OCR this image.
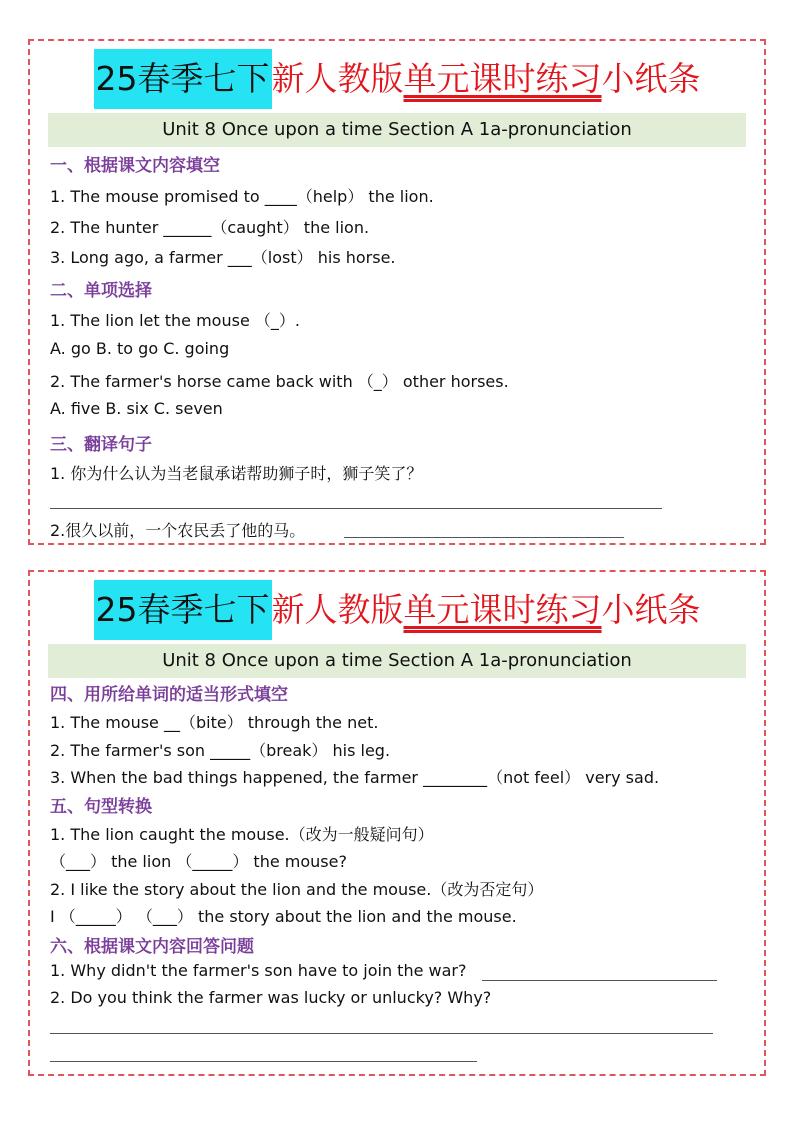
25春季七下新人教版单元课时练习小纸条
Unit 8 Once upon a time Section A 1a-pronunciation
一、根据课文内容填空
1. The mouse promised to ____（help） the lion.
2. The hunter ______（caught） the lion.
3. Long ago, a farmer ___（lost） his horse.
二、单项选择
1. The lion let the mouse （_）.
A. go B. to go C. going
2. The farmer's horse came back with （_） other horses.
A. five B. six C. seven
三、翻译句子
1. 你为什么认为当老鼠承诺帮助狮子时，狮子笑了？
2.很久以前，一个农民丢了他的马。
25春季七下新人教版单元课时练习小纸条
Unit 8 Once upon a time Section A 1a-pronunciation
四、用所给单词的适当形式填空
1. The mouse __（bite） through the net.
2. The farmer's son _____（break） his leg.
3. When the bad things happened, the farmer ________（not feel） very sad.
五、句型转换
1. The lion caught the mouse.（改为一般疑问句）
（___） the lion （_____） the mouse?
2. I like the story about the lion and the mouse.（改为否定句）
I （_____） （___） the story about the lion and the mouse.
六、根据课文内容回答问题
1. Why didn't the farmer's son have to join the war?
2. Do you think the farmer was lucky or unlucky? Why?
